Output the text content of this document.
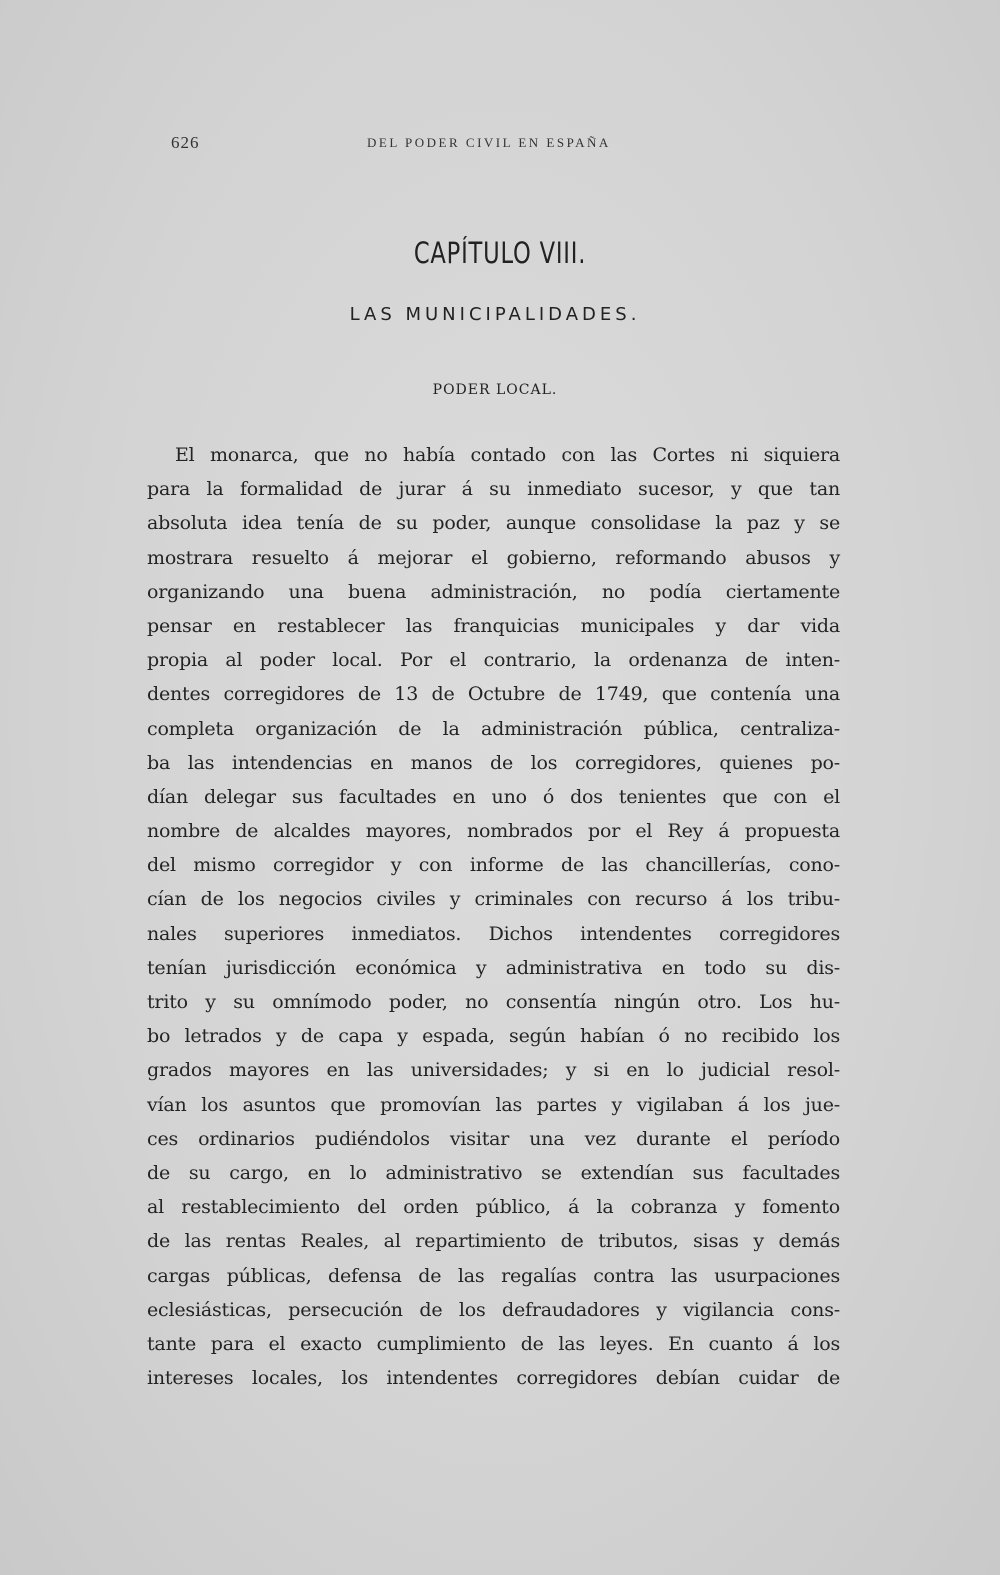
626	DEL PODER CIVIL EN ESPAÑA
CAPÍTULO VIII.
LAS MUNICIPALIDADES.
PODER LOCAL.
El monarca, que no había contado con las Cortes ni siquiera
para la formalidad de jurar á su inmediato sucesor, y que tan
absoluta idea tenía de su poder, aunque consolidase la paz y se
mostrara resuelto á mejorar el gobierno, reformando abusos y
organizando una buena administración, no podía ciertamente
pensar en restablecer las franquicias municipales y dar vida
propia al poder local. Por el contrario, la ordenanza de inten-
dentes corregidores de 13 de Octubre de 1749, que contenía una
completa organización de la administración pública, centraliza-
ba las intendencias en manos de los corregidores, quienes po-
dían delegar sus facultades en uno ó dos tenientes que con el
nombre de alcaldes mayores, nombrados por el Rey á propuesta
del mismo corregidor y con informe de las chancillerías, cono-
cían de los negocios civiles y criminales con recurso á los tribu-
nales superiores inmediatos. Dichos intendentes corregidores
tenían jurisdicción económica y administrativa en todo su dis-
trito y su omnímodo poder, no consentía ningún otro. Los hu-
bo letrados y de capa y espada, según habían ó no recibido los
grados mayores en las universidades; y si en lo judicial resol-
vían los asuntos que promovían las partes y vigilaban á los jue-
ces ordinarios pudiéndolos visitar una vez durante el período
de su cargo, en lo administrativo se extendían sus facultades
al restablecimiento del orden público, á la cobranza y fomento
de las rentas Reales, al repartimiento de tributos, sisas y demás
cargas públicas, defensa de las regalías contra las usurpaciones
eclesiásticas, persecución de los defraudadores y vigilancia cons-
tante para el exacto cumplimiento de las leyes. En cuanto á los
intereses locales, los intendentes corregidores debían cuidar de
